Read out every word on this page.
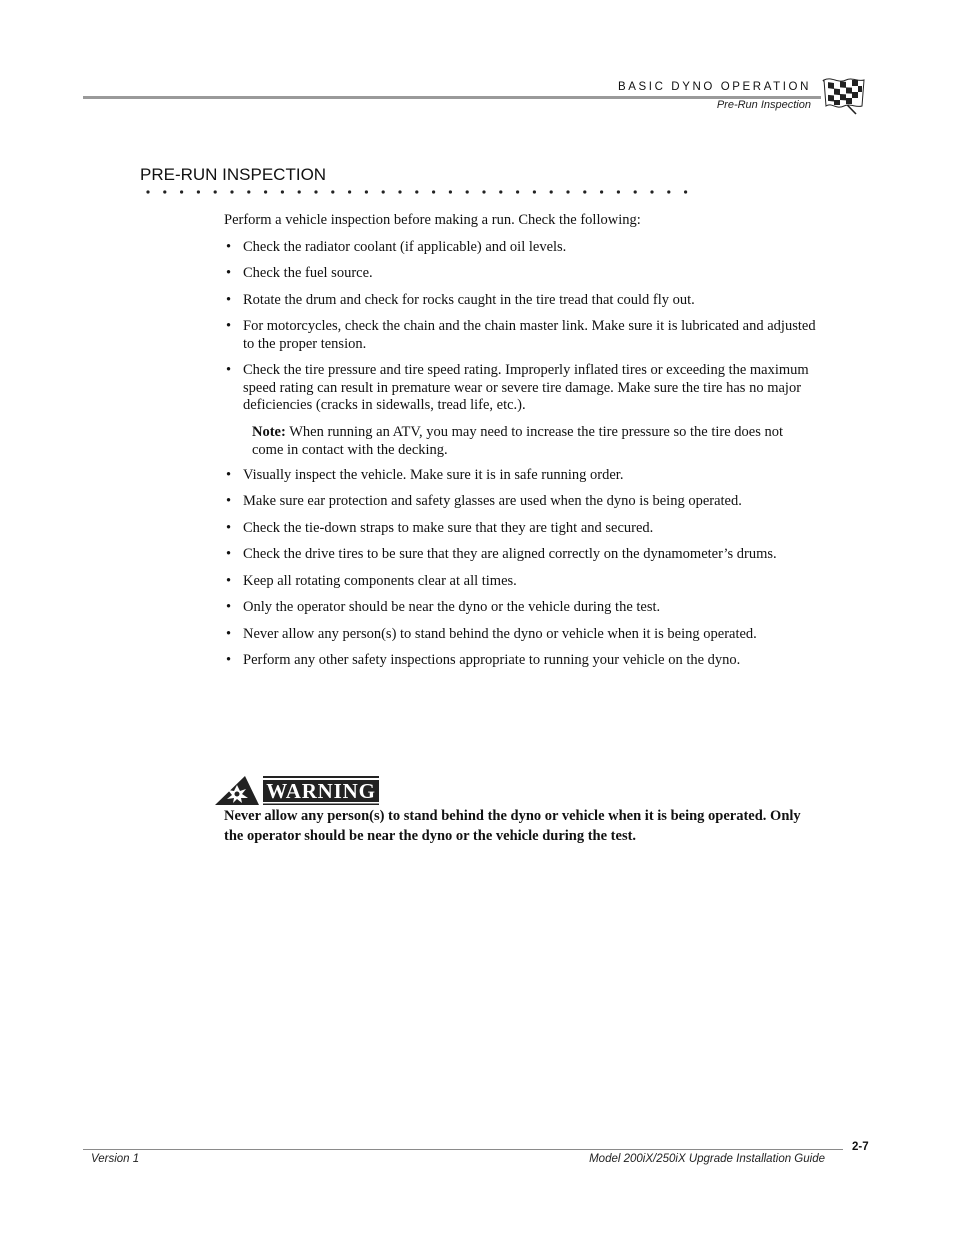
BASIC DYNO OPERATION
Pre-Run Inspection
PRE-RUN INSPECTION

Perform a vehicle inspection before making a run. Check the following:

• Check the radiator coolant (if applicable) and oil levels.
• Check the fuel source.
• Rotate the drum and check for rocks caught in the tire tread that could fly out.
• For motorcycles, check the chain and the chain master link. Make sure it is lubricated and adjusted to the proper tension.
• Check the tire pressure and tire speed rating. Improperly inflated tires or exceeding the maximum speed rating can result in premature wear or severe tire damage. Make sure the tire has no major deficiencies (cracks in sidewalls, tread life, etc.).

Note: When running an ATV, you may need to increase the tire pressure so the tire does not come in contact with the decking.

• Visually inspect the vehicle. Make sure it is in safe running order.
• Make sure ear protection and safety glasses are used when the dyno is being operated.
• Check the tie-down straps to make sure that they are tight and secured.
• Check the drive tires to be sure that they are aligned correctly on the dynamometer’s drums.
• Keep all rotating components clear at all times.
• Only the operator should be near the dyno or the vehicle during the test.
• Never allow any person(s) to stand behind the dyno or vehicle when it is being operated.
• Perform any other safety inspections appropriate to running your vehicle on the dyno.
WARNING

Never allow any person(s) to stand behind the dyno or vehicle when it is being operated. Only the operator should be near the dyno or the vehicle during the test.

2-7
Version 1	Model 200iX/250iX Upgrade Installation Guide
